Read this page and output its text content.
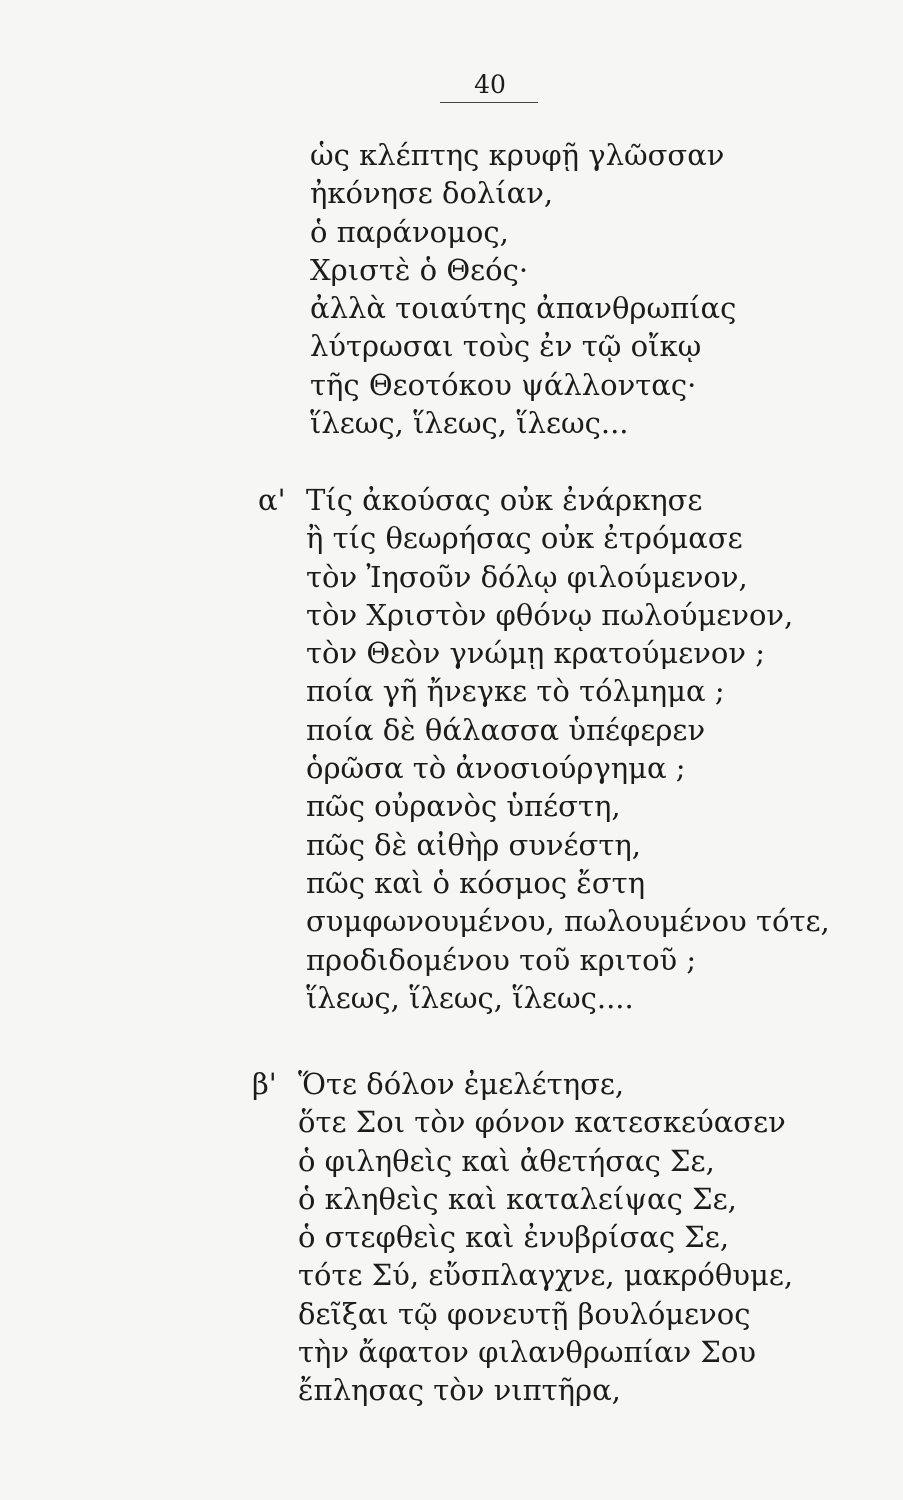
40
ὡς κλέπτης κρυφῇ γλῶσσαν
ἠκόνησε δολίαν,
ὁ παράνομος,
Χριστὲ ὁ Θεός·
ἀλλὰ τοιαύτης ἀπανθρωπίας
λύτρωσαι τοὺς ἐν τῷ οἴκῳ
τῆς Θεοτόκου ψάλλοντας·
ἵλεως, ἵλεως, ἵλεως...
α' Τίς ἀκούσας οὐκ ἐνάρκησε
ἢ τίς θεωρήσας οὐκ ἐτρόμασε
τὸν Ἰησοῦν δόλῳ φιλούμενον,
τὸν Χριστὸν φθόνῳ πωλούμενον,
τὸν Θεὸν γνώμῃ κρατούμενον ;
ποία γῆ ἤνεγκε τὸ τόλμημα ;
ποία δὲ θάλασσα ὑπέφερεν
ὁρῶσα τὸ ἀνοσιούργημα ;
πῶς οὐρανὸς ὑπέστη,
πῶς δὲ αἰθὴρ συνέστη,
πῶς καὶ ὁ κόσμος ἔστη
συμφωνουμένου, πωλουμένου τότε,
προδιδομένου τοῦ κριτοῦ ;
ἵλεως, ἵλεως, ἵλεως....
β' Ὅτε δόλον ἐμελέτησε,
ὅτε Σοι τὸν φόνον κατεσκεύασεν
ὁ φιληθεὶς καὶ ἀθετήσας Σε,
ὁ κληθεὶς καὶ καταλείψας Σε,
ὁ στεφθεὶς καὶ ἐνυβρίσας Σε,
τότε Σύ, εὔσπλαγχνε, μακρόθυμε,
δεῖξαι τῷ φονευτῇ βουλόμενος
τὴν ἄφατον φιλανθρωπίαν Σου
ἔπλησας τὸν νιπτῆρα,
